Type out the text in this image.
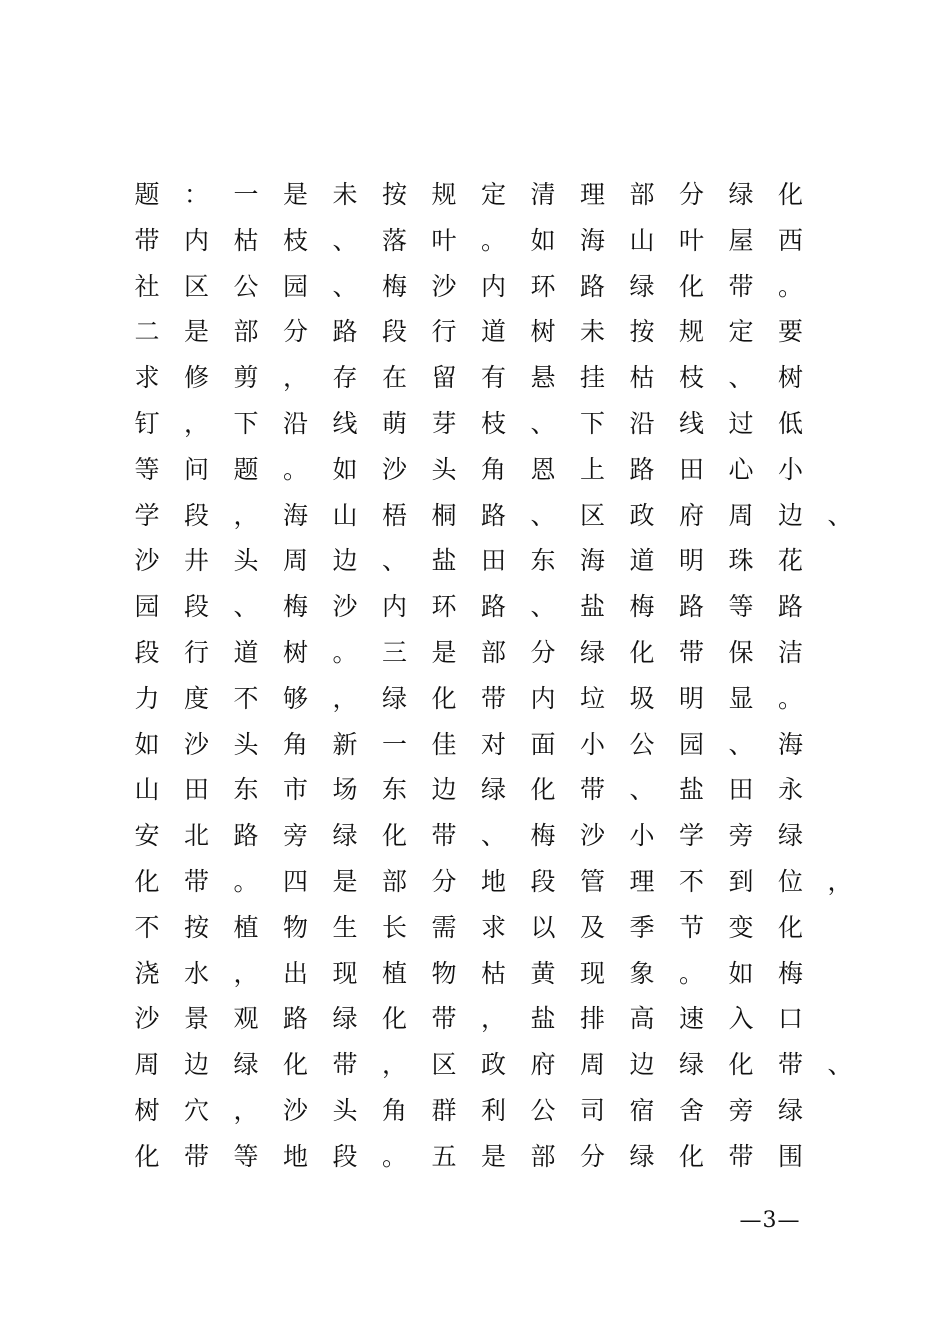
题 ： 一 是 未 按 规 定 清 理 部 分 绿 化
带 内 枯 枝 、 落 叶 。 如 海 山 叶 屋 西
社 区 公 园 、 梅 沙 内 环 路 绿 化 带 。
二 是 部 分 路 段 行 道 树 未 按 规 定 要
求 修 剪 ， 存 在 留 有 悬 挂 枯 枝 、 树
钉 ， 下 沿 线 萌 芽 枝 、 下 沿 线 过 低
等 问 题 。 如 沙 头 角 恩 上 路 田 心 小
学 段 ， 海 山 梧 桐 路 、 区 政 府 周 边 、
沙 井 头 周 边 、 盐 田 东 海 道 明 珠 花
园 段 、 梅 沙 内 环 路 、 盐 梅 路 等 路
段 行 道 树 。 三 是 部 分 绿 化 带 保 洁
力 度 不 够 ， 绿 化 带 内 垃 圾 明 显 。
如 沙 头 角 新 一 佳 对 面 小 公 园 、 海
山 田 东 市 场 东 边 绿 化 带 、 盐 田 永
安 北 路 旁 绿 化 带 、 梅 沙 小 学 旁 绿
化 带 。 四 是 部 分 地 段 管 理 不 到 位 ，
不 按 植 物 生 长 需 求 以 及 季 节 变 化
浇 水 ， 出 现 植 物 枯 黄 现 象 。 如 梅
沙 景 观 路 绿 化 带 ， 盐 排 高 速 入 口
周 边 绿 化 带 ， 区 政 府 周 边 绿 化 带 、
树 穴 ， 沙 头 角 群 利 公 司 宿 舍 旁 绿
化 带 等 地 段 。 五 是 部 分 绿 化 带 围
—3—
